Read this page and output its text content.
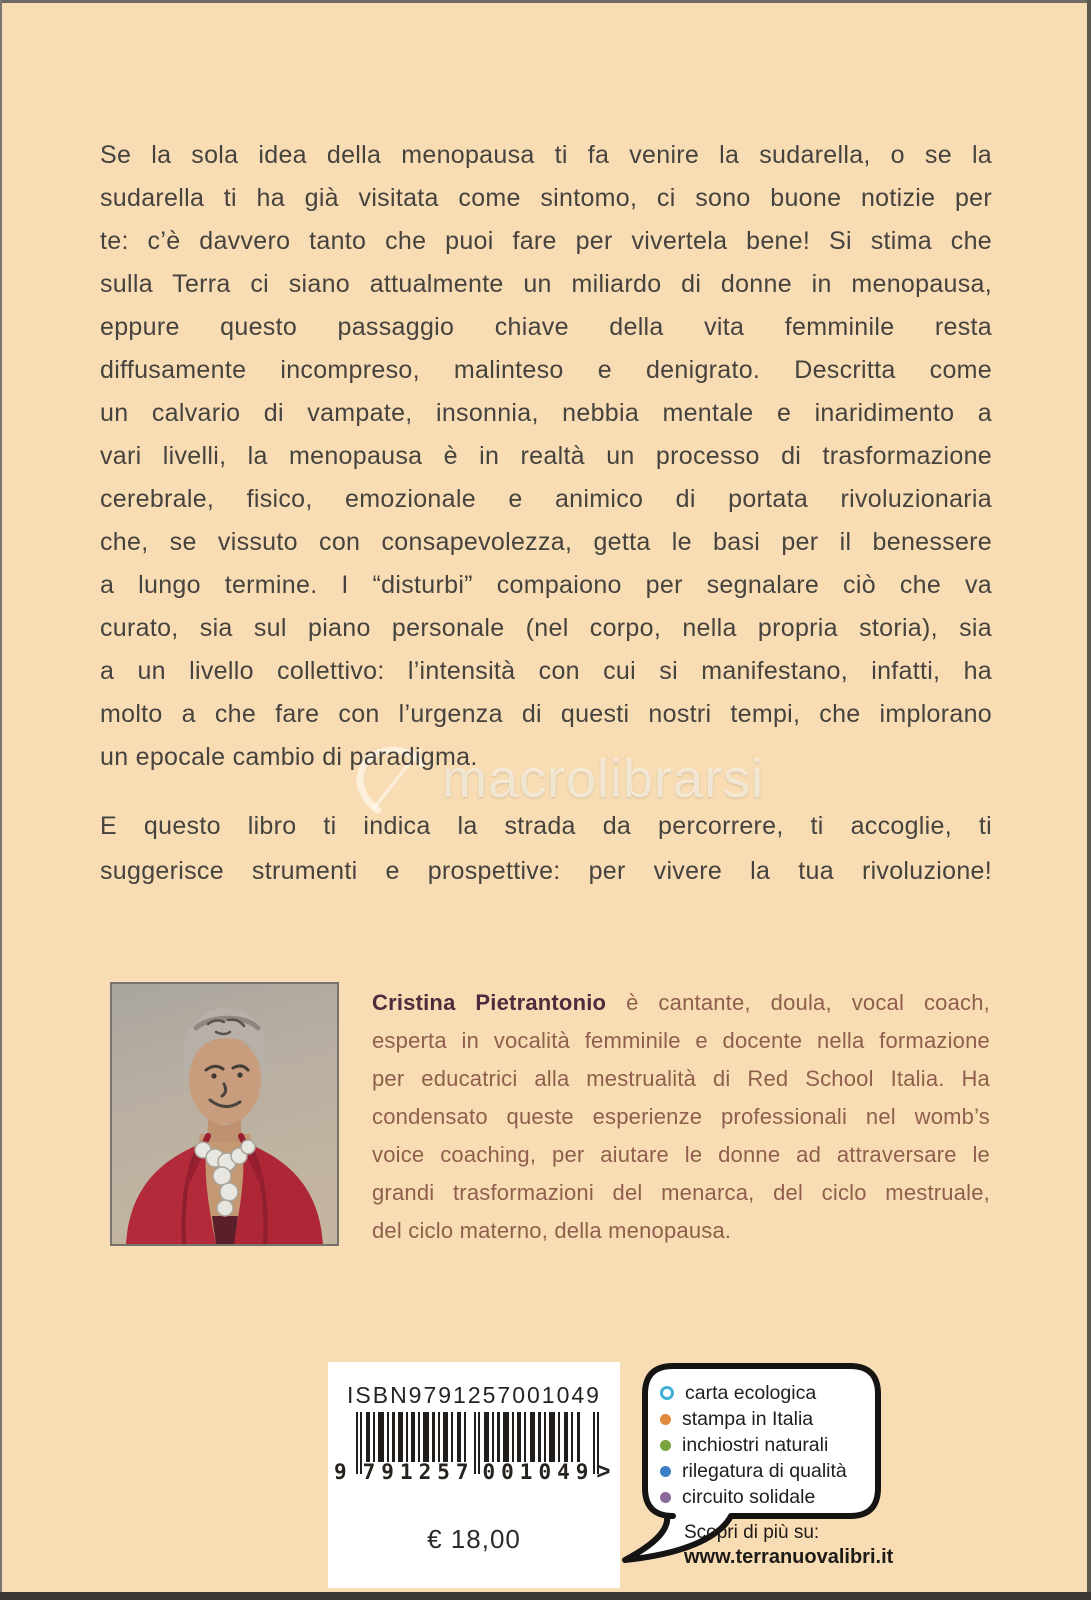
macrolibrarsi
Se la sola idea della menopausa ti fa venire la sudarella, o se la
sudarella ti ha già visitata come sintomo, ci sono buone notizie per
te: c’è davvero tanto che puoi fare per vivertela bene! Si stima che
sulla Terra ci siano attualmente un miliardo di donne in menopausa,
eppure questo passaggio chiave della vita femminile resta
diffusamente incompreso, malinteso e denigrato. Descritta come
un calvario di vampate, insonnia, nebbia mentale e inaridimento a
vari livelli, la menopausa è in realtà un processo di trasformazione
cerebrale, fisico, emozionale e animico di portata rivoluzionaria
che, se vissuto con consapevolezza, getta le basi per il benessere
a lungo termine. I “disturbi” compaiono per segnalare ciò che va
curato, sia sul piano personale (nel corpo, nella propria storia), sia
a un livello collettivo: l’intensità con cui si manifestano, infatti, ha
molto a che fare con l’urgenza di questi nostri tempi, che implorano
un epocale cambio di paradigma.
E questo libro ti indica la strada da percorrere, ti accoglie, ti
suggerisce strumenti e prospettive: per vivere la tua rivoluzione!
Cristina Pietrantonio è cantante, doula, vocal coach,
esperta in vocalità femminile e docente nella formazione
per educatrici alla mestrualità di Red School Italia. Ha
condensato queste esperienze professionali nel womb’s
voice coaching, per aiutare le donne ad attraversare le
grandi trasformazioni del menarca, del ciclo mestruale,
del ciclo materno, della menopausa.
ISBN9791257001049
9 791257 001049 >
€ 18,00
carta ecologica
stampa in Italia
inchiostri naturali
rilegatura di qualità
circuito solidale
Scopri di più su:
www.terranuovalibri.it
